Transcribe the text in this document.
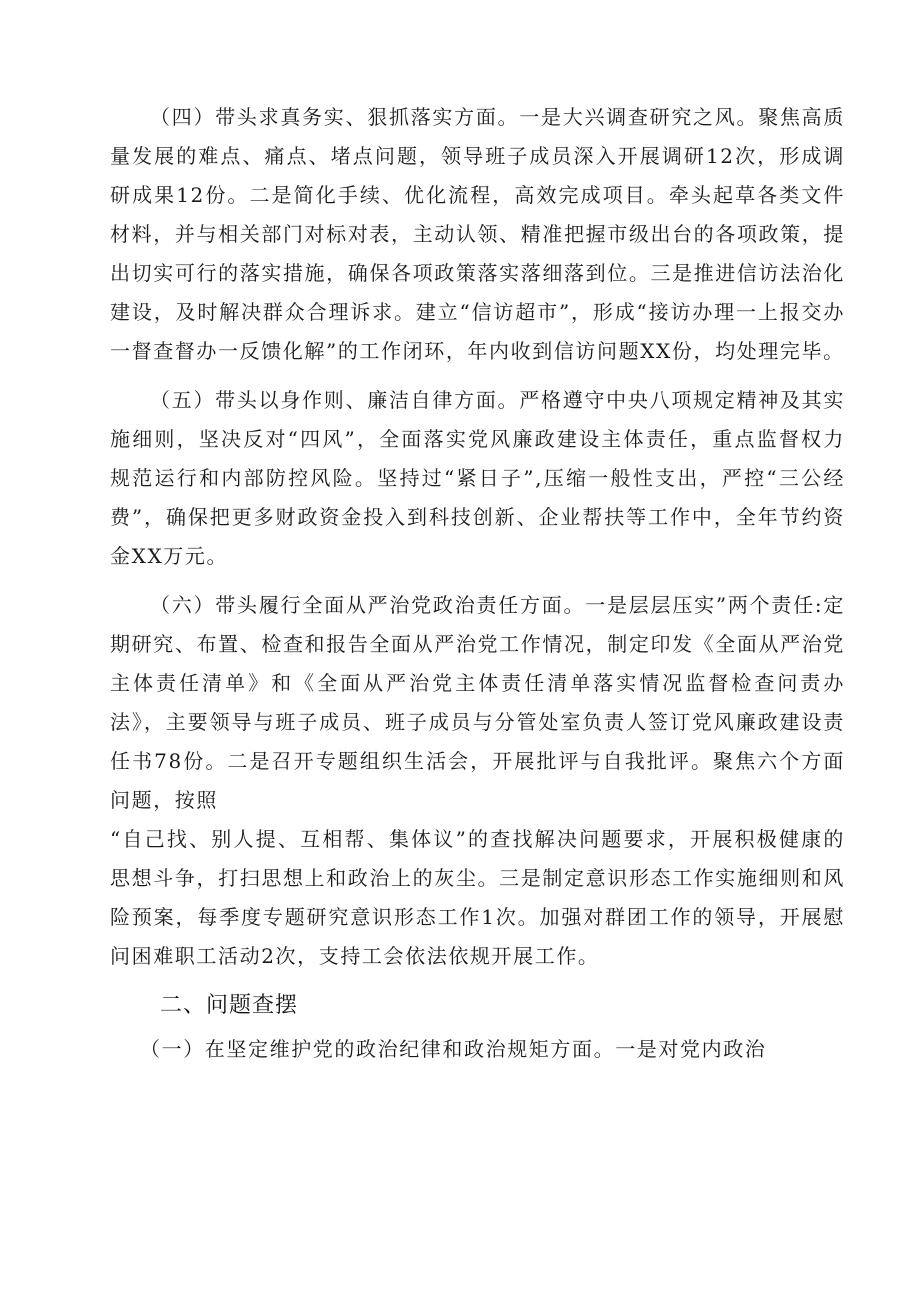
（四）带头求真务实、狠抓落实方面。一是大兴调查研究之风。聚焦高质量发展的难点、痛点、堵点问题，领导班子成员深入开展调研12次，形成调研成果12份。二是简化手续、优化流程，高效完成项目。牵头起草各类文件材料，并与相关部门对标对表，主动认领、精准把握市级出台的各项政策，提出切实可行的落实措施，确保各项政策落实落细落到位。三是推进信访法治化建设，及时解决群众合理诉求。建立“信访超市”，形成“接访办理一上报交办一督查督办一反馈化解”的工作闭环，年内收到信访问题XX份，均处理完毕。

（五）带头以身作则、廉洁自律方面。严格遵守中央八项规定精神及其实施细则，坚决反对“四风”，全面落实党风廉政建设主体责任，重点监督权力规范运行和内部防控风险。坚持过“紧日子”,压缩一般性支出，严控“三公经费”，确保把更多财政资金投入到科技创新、企业帮扶等工作中，全年节约资金XX万元。

（六）带头履行全面从严治党政治责任方面。一是层层压实”两个责任:定期研究、布置、检查和报告全面从严治党工作情况，制定印发《全面从严治党主体责任清单》和《全面从严治党主体责任清单落实情况监督检查问责办法》，主要领导与班子成员、班子成员与分管处室负责人签订党风廉政建设责任书78份。二是召开专题组织生活会，开展批评与自我批评。聚焦六个方面问题，按照

“自己找、别人提、互相帮、集体议”的查找解决问题要求，开展积极健康的思想斗争，打扫思想上和政治上的灰尘。三是制定意识形态工作实施细则和风险预案，每季度专题研究意识形态工作1次。加强对群团工作的领导，开展慰问困难职工活动2次，支持工会依法依规开展工作。

二、问题查摆

（一）在坚定维护党的政治纪律和政治规矩方面。一是对党内政治
